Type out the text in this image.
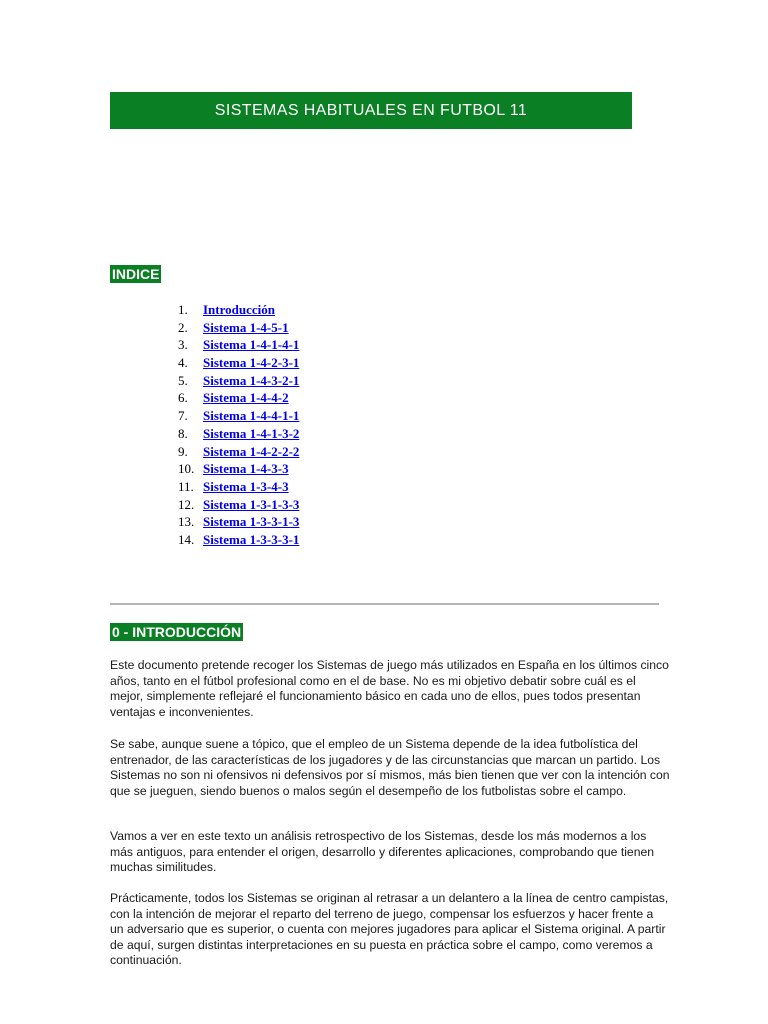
SISTEMAS HABITUALES EN FUTBOL 11
INDICE
1. Introducción
2. Sistema 1-4-5-1
3. Sistema 1-4-1-4-1
4. Sistema 1-4-2-3-1
5. Sistema 1-4-3-2-1
6. Sistema 1-4-4-2
7. Sistema 1-4-4-1-1
8. Sistema 1-4-1-3-2
9. Sistema 1-4-2-2-2
10. Sistema 1-4-3-3
11. Sistema 1-3-4-3
12. Sistema 1-3-1-3-3
13. Sistema 1-3-3-1-3
14. Sistema 1-3-3-3-1
0 - INTRODUCCIÓN

Este documento pretende recoger los Sistemas de juego más utilizados en España en los últimos cinco años, tanto en el fútbol profesional como en el de base. No es mi objetivo debatir sobre cuál es el mejor, simplemente reflejaré el funcionamiento básico en cada uno de ellos, pues todos presentan ventajas e inconvenientes.

Se sabe, aunque suene a tópico, que el empleo de un Sistema depende de la idea futbolística del entrenador, de las características de los jugadores y de las circunstancias que marcan un partido. Los Sistemas no son ni ofensivos ni defensivos por sí mismos, más bien tienen que ver con la intención con que se jueguen, siendo buenos o malos según el desempeño de los futbolistas sobre el campo.

Vamos a ver en este texto un análisis retrospectivo de los Sistemas, desde los más modernos a los más antiguos, para entender el origen, desarrollo y diferentes aplicaciones, comprobando que tienen muchas similitudes.

Prácticamente, todos los Sistemas se originan al retrasar a un delantero a la línea de centro campistas, con la intención de mejorar el reparto del terreno de juego, compensar los esfuerzos y hacer frente a un adversario que es superior, o cuenta con mejores jugadores para aplicar el Sistema original. A partir de aquí, surgen distintas interpretaciones en su puesta en práctica sobre el campo, como veremos a continuación.
